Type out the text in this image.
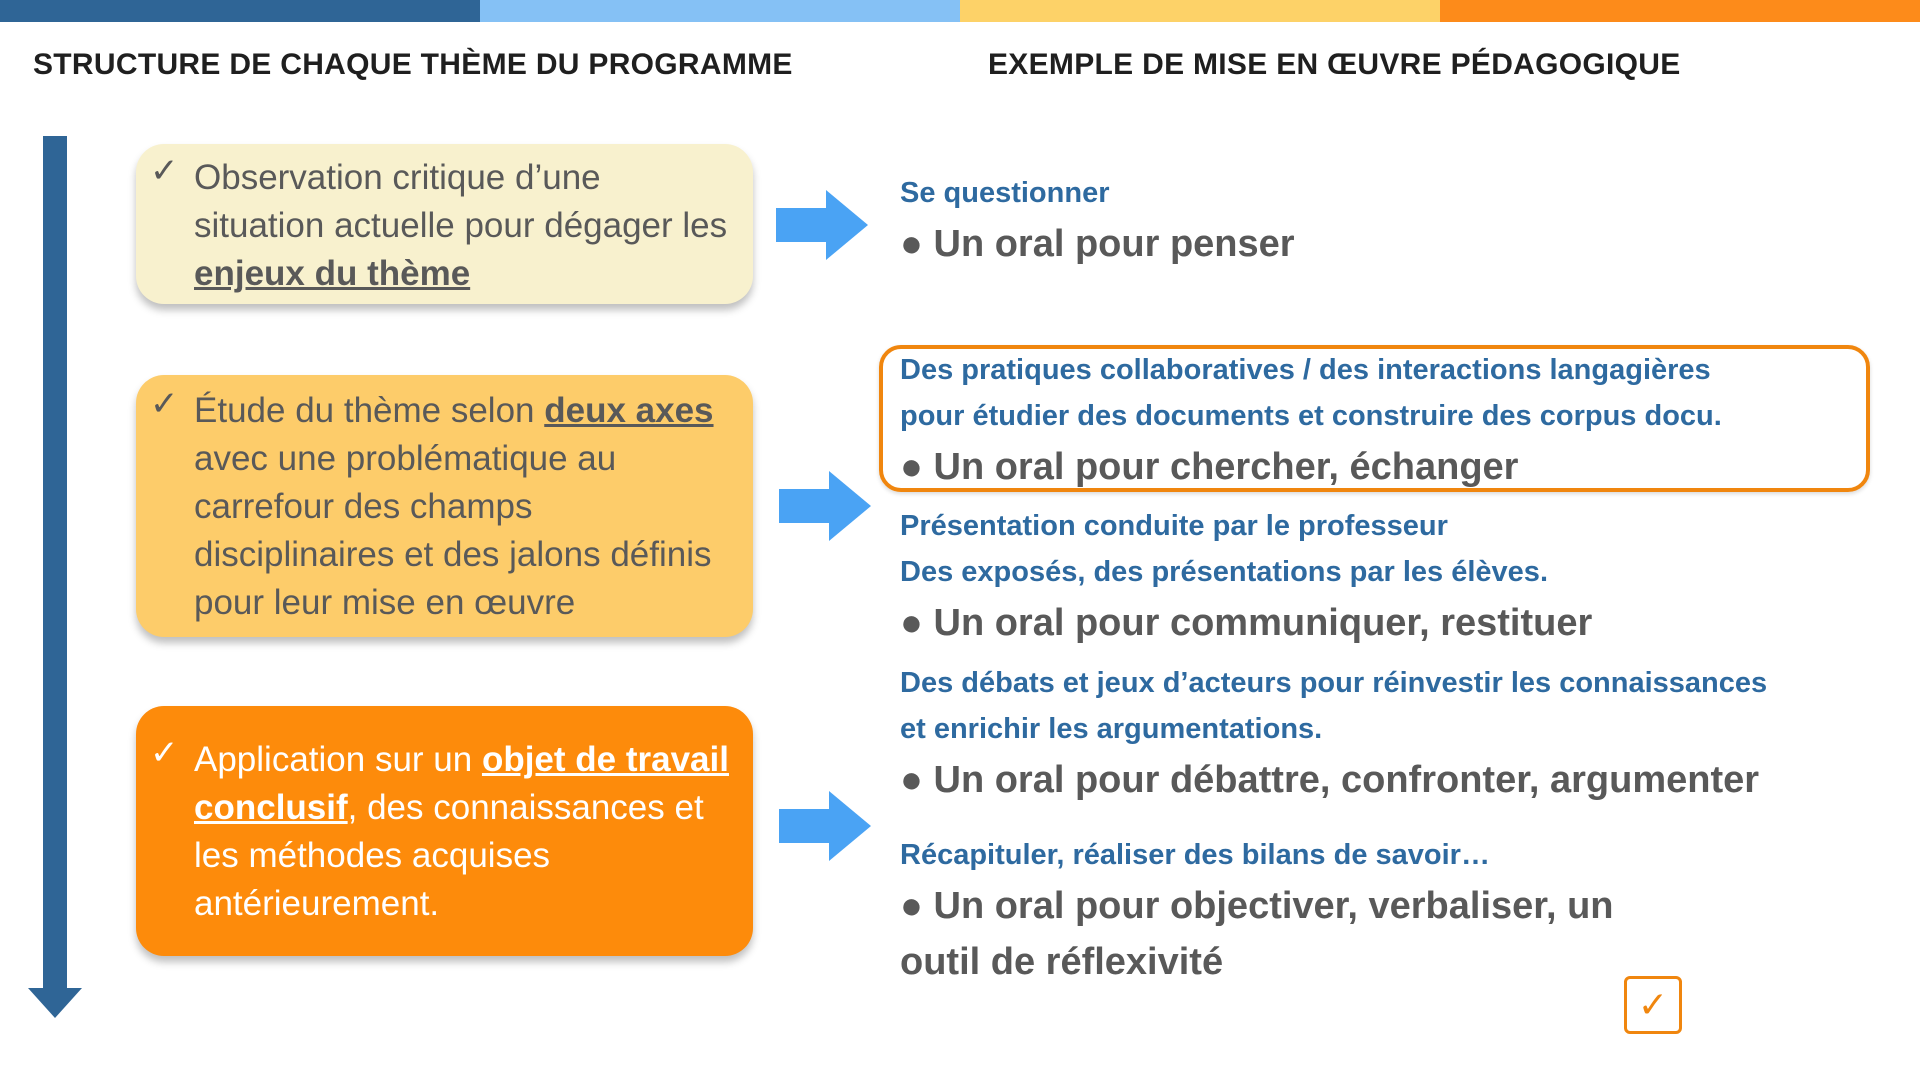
STRUCTURE DE CHAQUE THÈME DU PROGRAMME	EXEMPLE DE MISE EN ŒUVRE PÉDAGOGIQUE
✓ Observation critique d’une situation actuelle pour dégager les enjeux du thème
✓ Étude du thème selon deux axes avec une problématique au carrefour des champs disciplinaires et des jalons définis pour leur mise en œuvre
✓ Application sur un objet de travail conclusif, des connaissances et les méthodes acquises antérieurement.
Se questionner
● Un oral pour penser
Des pratiques collaboratives / des interactions langagières
pour étudier des documents et construire des corpus docu.
● Un oral pour chercher, échanger
Présentation conduite par le professeur
Des exposés, des présentations par les élèves.
● Un oral pour communiquer, restituer
Des débats et jeux d’acteurs pour réinvestir les connaissances
et enrichir les argumentations.
● Un oral pour débattre, confronter, argumenter
Récapituler, réaliser des bilans de savoir…
● Un oral pour objectiver, verbaliser, un
outil de réflexivité
✓
